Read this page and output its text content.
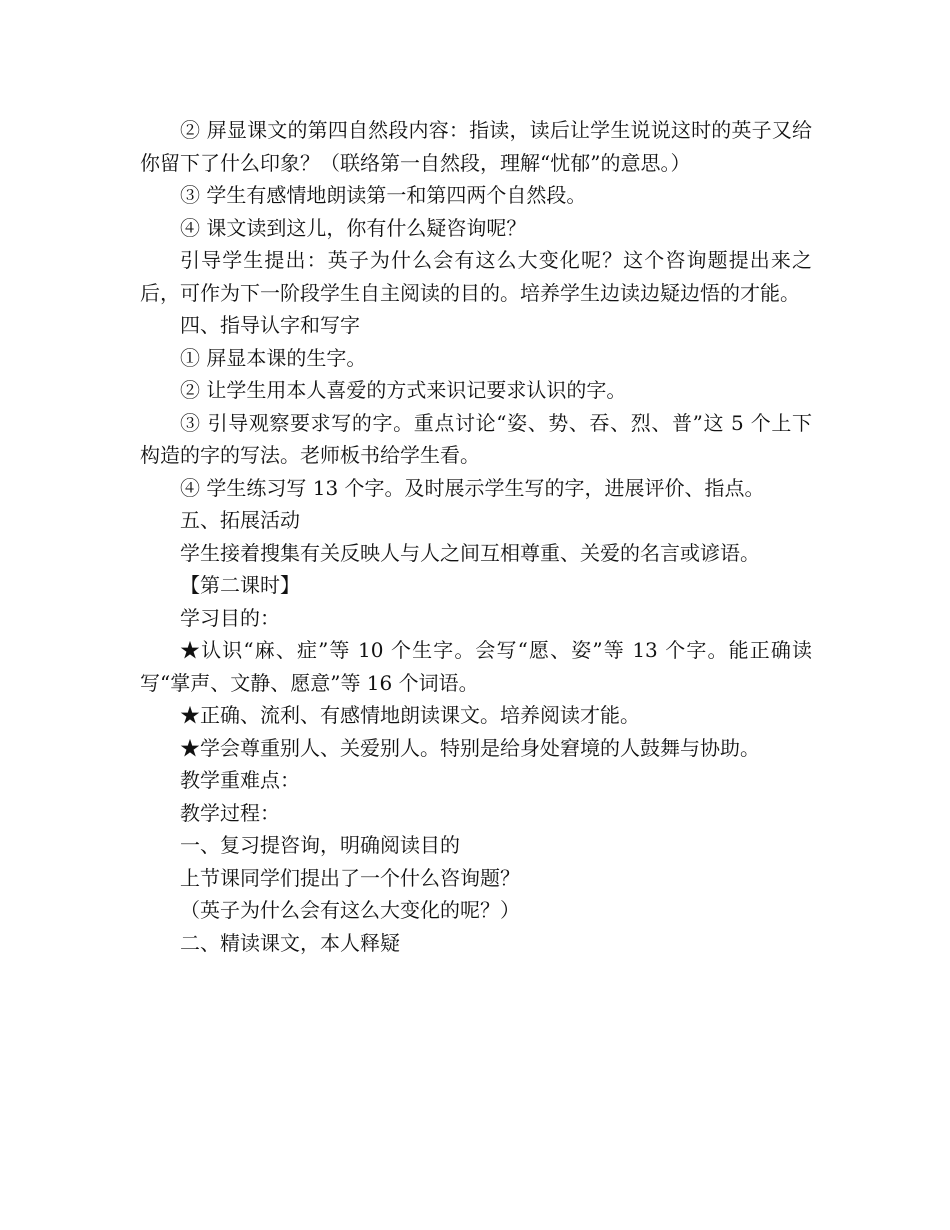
② 屏显课文的第四自然段内容：指读，读后让学生说说这时的英子又给你留下了什么印象？（联络第一自然段，理解“忧郁”的意思。）

③ 学生有感情地朗读第一和第四两个自然段。

④ 课文读到这儿，你有什么疑咨询呢？

引导学生提出：英子为什么会有这么大变化呢？这个咨询题提出来之后，可作为下一阶段学生自主阅读的目的。培养学生边读边疑边悟的才能。

四、指导认字和写字

① 屏显本课的生字。

② 让学生用本人喜爱的方式来识记要求认识的字。

③ 引导观察要求写的字。重点讨论“姿、势、吞、烈、普”这 5 个上下构造的字的写法。老师板书给学生看。

④ 学生练习写 13 个字。及时展示学生写的字，进展评价、指点。

五、拓展活动

学生接着搜集有关反映人与人之间互相尊重、关爱的名言或谚语。

【第二课时】

学习目的：

★认识“麻、症”等 10 个生字。会写“愿、姿”等 13 个字。能正确读写“掌声、文静、愿意”等 16 个词语。

★正确、流利、有感情地朗读课文。培养阅读才能。

★学会尊重别人、关爱别人。特别是给身处窘境的人鼓舞与协助。

教学重难点：

教学过程：

一、复习提咨询，明确阅读目的

上节课同学们提出了一个什么咨询题？

（英子为什么会有这么大变化的呢？）

二、精读课文，本人释疑
